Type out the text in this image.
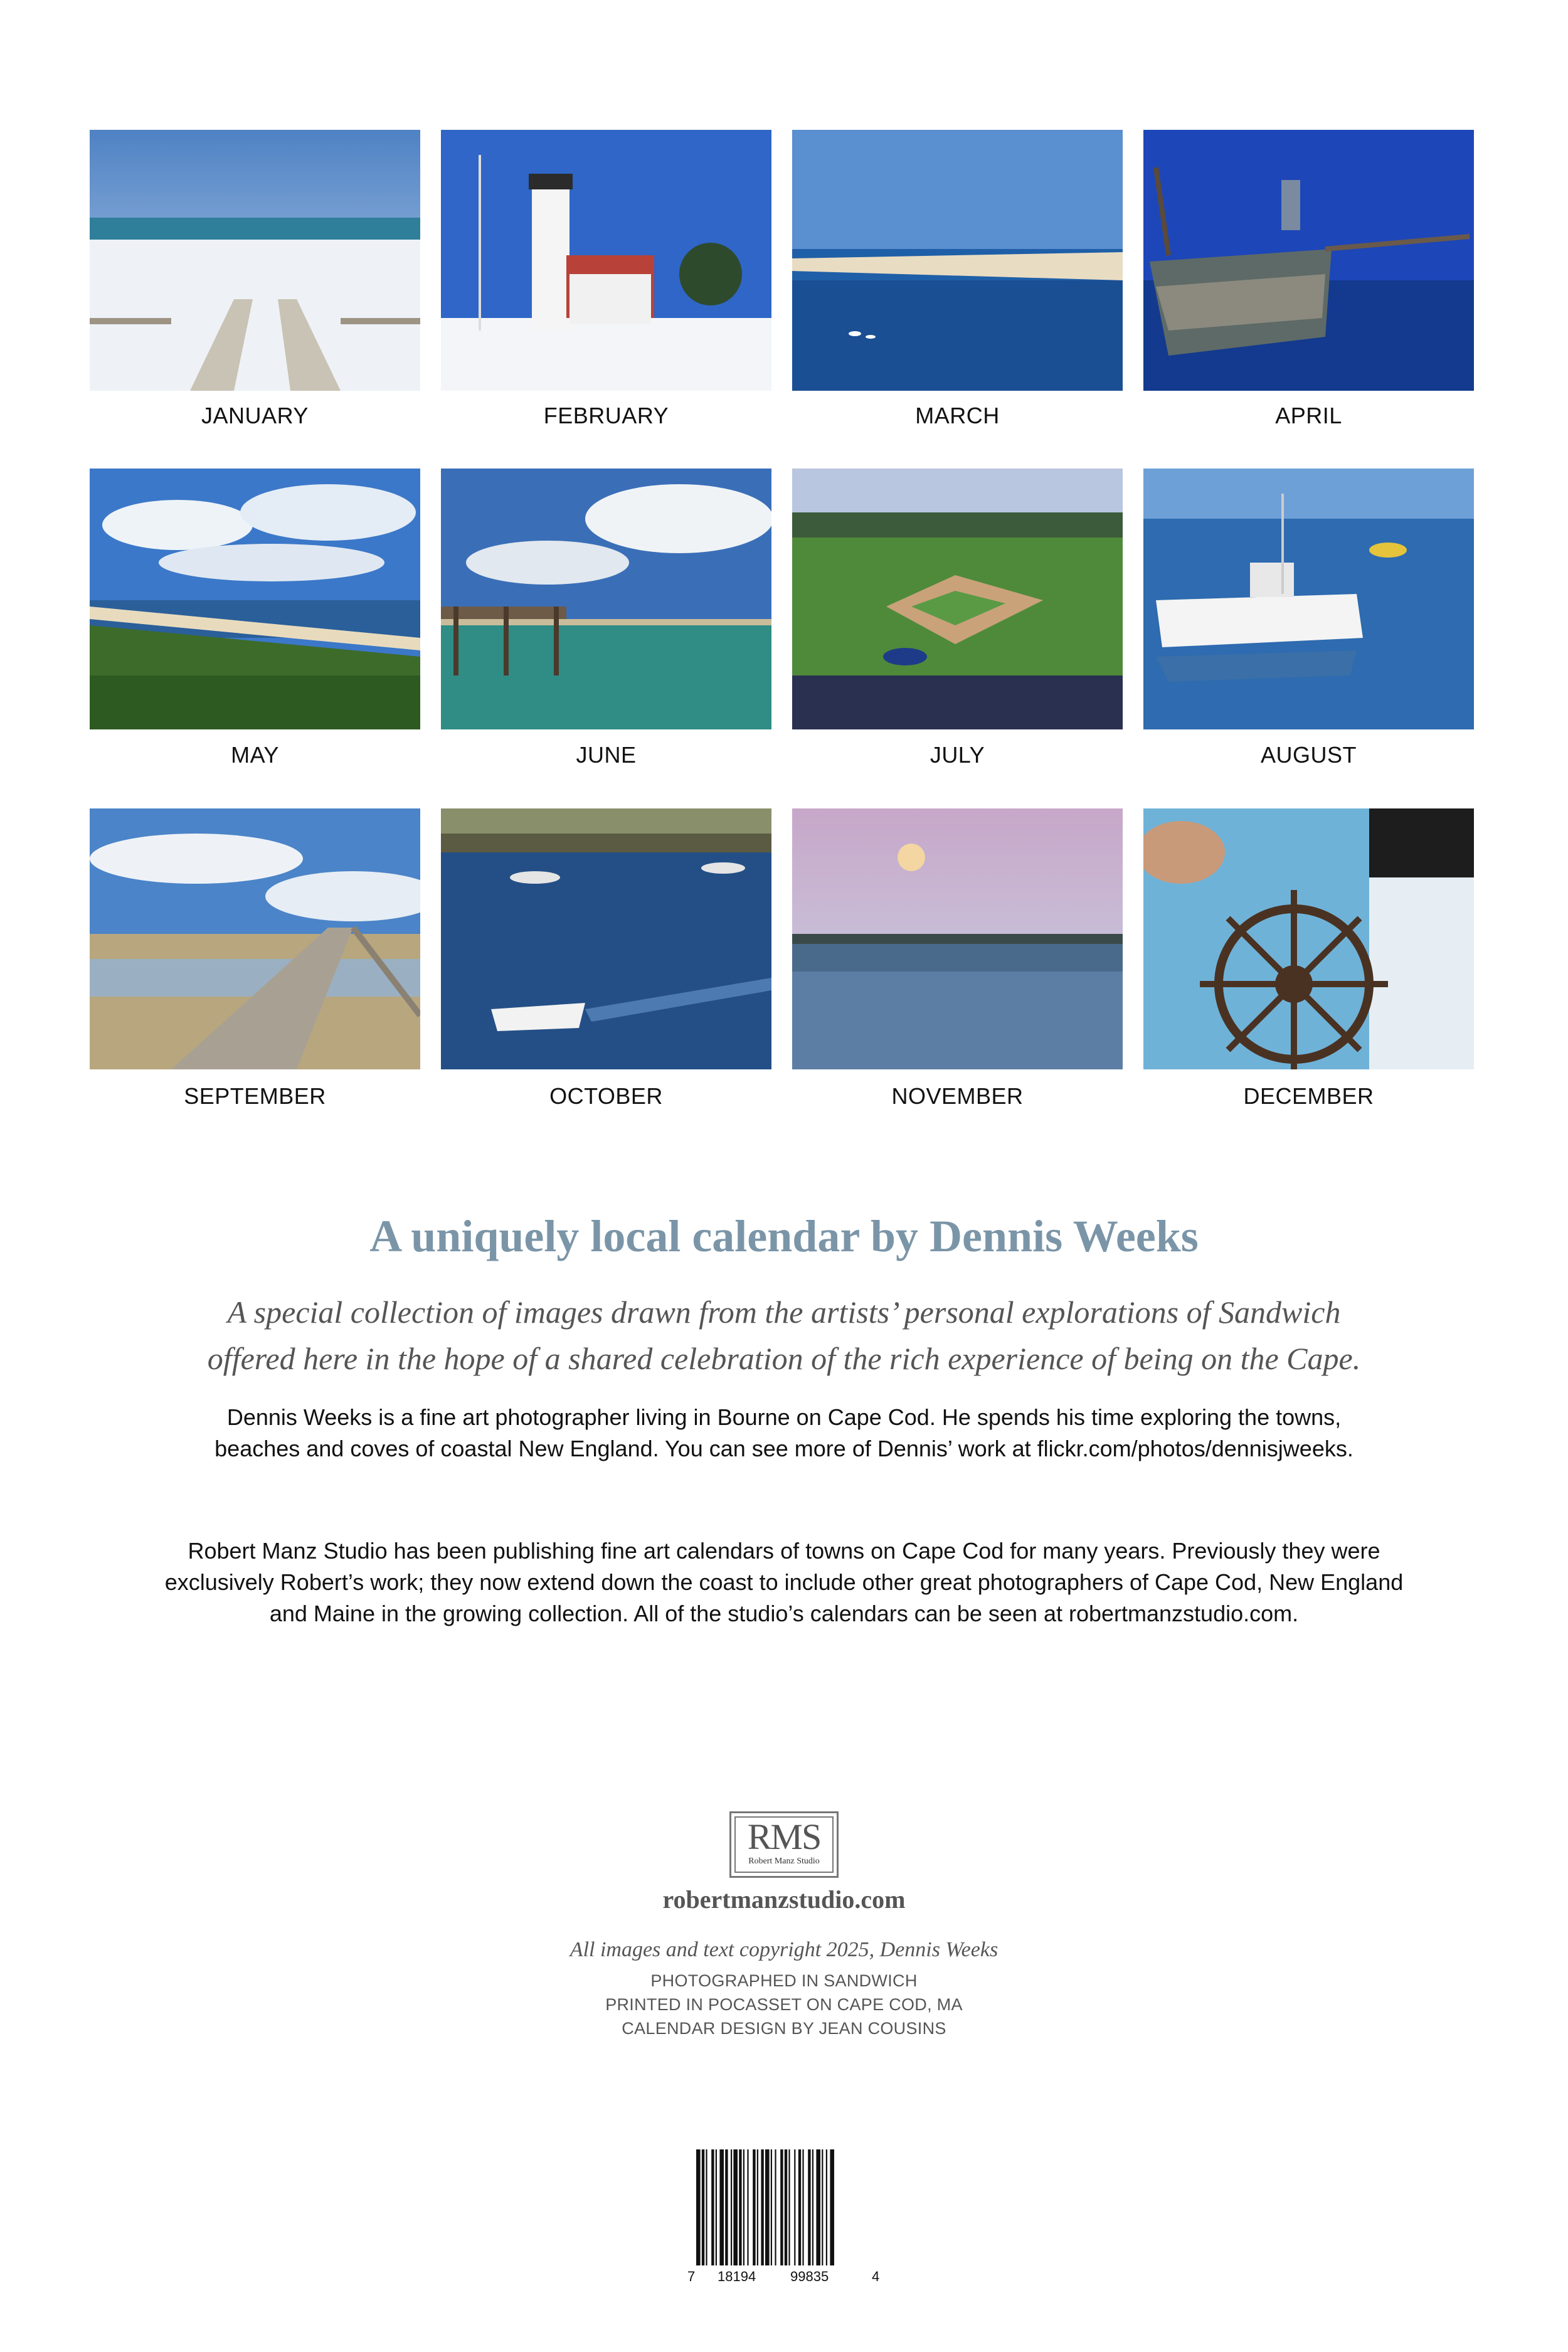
JANUARY	FEBRUARY	MARCH	APRIL
MAY	JUNE	JULY	AUGUST
SEPTEMBER	OCTOBER	NOVEMBER	DECEMBER
A uniquely local calendar by Dennis Weeks
A special collection of images drawn from the artists’ personal explorations of Sandwich
offered here in the hope of a shared celebration of the rich experience of being on the Cape.
Dennis Weeks is a fine art photographer living in Bourne on Cape Cod. He spends his time exploring the towns,
beaches and coves of coastal New England. You can see more of Dennis’ work at flickr.com/photos/dennisjweeks.
Robert Manz Studio has been publishing fine art calendars of towns on Cape Cod for many years. Previously they were
exclusively Robert’s work; they now extend down the coast to include other great photographers of Cape Cod, New England
and Maine in the growing collection. All of the studio’s calendars can be seen at robertmanzstudio.com.
RMS
Robert Manz Studio
robertmanzstudio.com
All images and text copyright 2025, Dennis Weeks
PHOTOGRAPHED IN SANDWICH
PRINTED IN POCASSET ON CAPE COD, MA
CALENDAR DESIGN BY JEAN COUSINS
7 18194 99835	4
